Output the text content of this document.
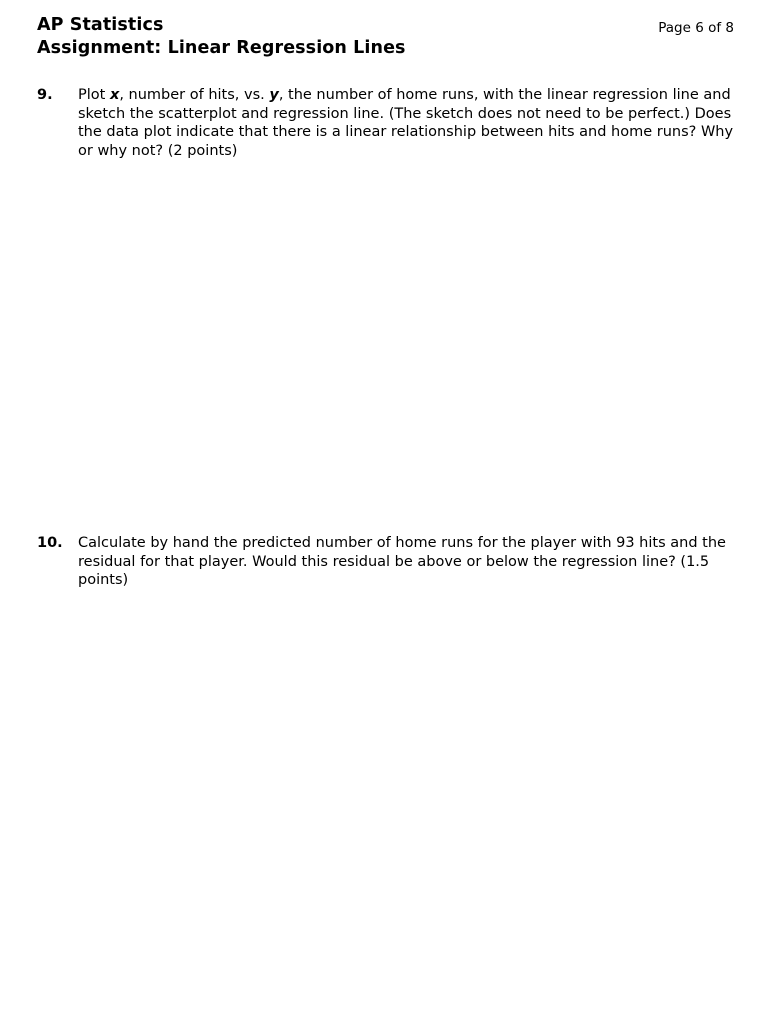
AP Statistics
Assignment: Linear Regression Lines
Page 6 of 8
9. Plot x, number of hits, vs. y, the number of home runs, with the linear regression line and sketch the scatterplot and regression line. (The sketch does not need to be perfect.) Does the data plot indicate that there is a linear relationship between hits and home runs? Why or why not? (2 points)
10. Calculate by hand the predicted number of home runs for the player with 93 hits and the residual for that player. Would this residual be above or below the regression line? (1.5 points)
